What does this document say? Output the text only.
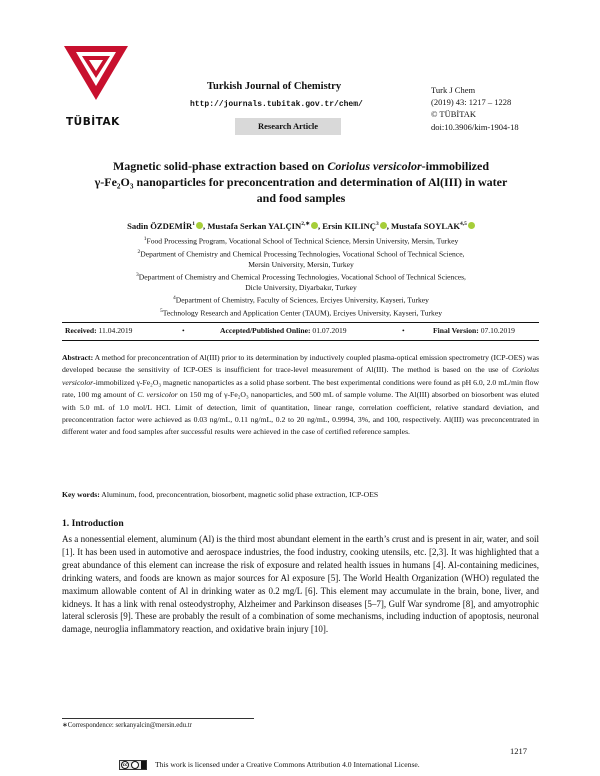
TÜBİTAK
Turkish Journal of Chemistry
http://journals.tubitak.gov.tr/chem/
Research Article
Turk J Chem
(2019) 43: 1217 – 1228
© TÜBİTAK
doi:10.3906/kim-1904-18
Magnetic solid-phase extraction based on Coriolus versicolor-immobilized
γ-Fe₂O₃ nanoparticles for preconcentration and determination of Al(III) in water
and food samples
Sadin ÖZDEMİR$^1$ , Mustafa Serkan $YALÇIN^{2,∗}$ , Ersin KILINÇ$^3$ , Mustafa SOYLAK$^{4,5}$
$^1$Food Processing Program, Vocational School of Technical Science, Mersin University, Mersin, Turkey
$^2$Department of Chemistry and Chemical Processing Technologies, Vocational School of Technical Science,
Mersin University, Mersin, Turkey
$^3$Department of Chemistry and Chemical Processing Technologies, Vocational School of Technical Sciences,
Dicle University, Diyarbakır, Turkey
$^4$Department of Chemistry, Faculty of Sciences, Erciyes University, Kayseri, Turkey
$^5$Technology Research and Application Center (TAUM), Erciyes University, Kayseri, Turkey
Received: 11.04.2019	•	Accepted/Published Online: 01.07.2019	•	Final Version: 07.10.2019
Abstract: A method for preconcentration of Al(III) prior to its determination by inductively coupled plasma-optical emission spectrometry (ICP-OES) was developed because the sensitivity of ICP-OES is insufficient for trace-level measurement of Al(III). The method is based on the use of Coriolus versicolor-immobilized γ-Fe₂O₃ magnetic nanoparticles as a solid phase sorbent. The best experimental conditions were found as pH 6.0, 2.0 mL/min flow rate, 100 mg amount of C. versicolor on 150 mg of γ-Fe₂O₃ nanoparticles, and 500 mL of sample volume. The Al(III) absorbed on biosorbent was eluted with 5.0 mL of 1.0 mol/L HCl. Limit of detection, limit of quantitation, linear range, correlation coefficient, relative standard deviation, and preconcentration factor were achieved as 0.03 ng/mL, 0.11 ng/mL, 0.2 to 20 ng/mL, 0.9994, 3%, and 100, respectively. Al(III) was preconcentrated in different water and food samples after successful results were achieved in the case of certified reference samples.
Key words: Aluminum, food, preconcentration, biosorbent, magnetic solid phase extraction, ICP-OES
1. Introduction
As a nonessential element, aluminum (Al) is the third most abundant element in the earth’s crust and is present in air, water, and soil [1]. It has been used in automotive and aerospace industries, the food industry, cooking utensils, etc. [2,3]. It was highlighted that a great abundance of this element can increase the risk of exposure and related health issues in humans [4]. Al-containing medicines, drinking waters, and foods are known as major sources for Al exposure [5]. The World Health Organization (WHO) regulated the maximum allowable content of Al in drinking water as 0.2 mg/L [6]. This element may accumulate in the brain, bone, liver, and kidneys. It has a link with renal osteodystrophy, Alzheimer and Parkinson diseases [5–7], Gulf War syndrome [8], and amyotrophic lateral sclerosis [9]. These are probably the result of a combination of some mechanisms, including induction of apoptosis, neuronal damage, neuroglia inflammatory reaction, and oxidative brain injury [10].
∗Correspondence: serkanyalcin@mersin.edu.tr
1217
cc	This work is licensed under a Creative Commons Attribution 4.0 International License.
